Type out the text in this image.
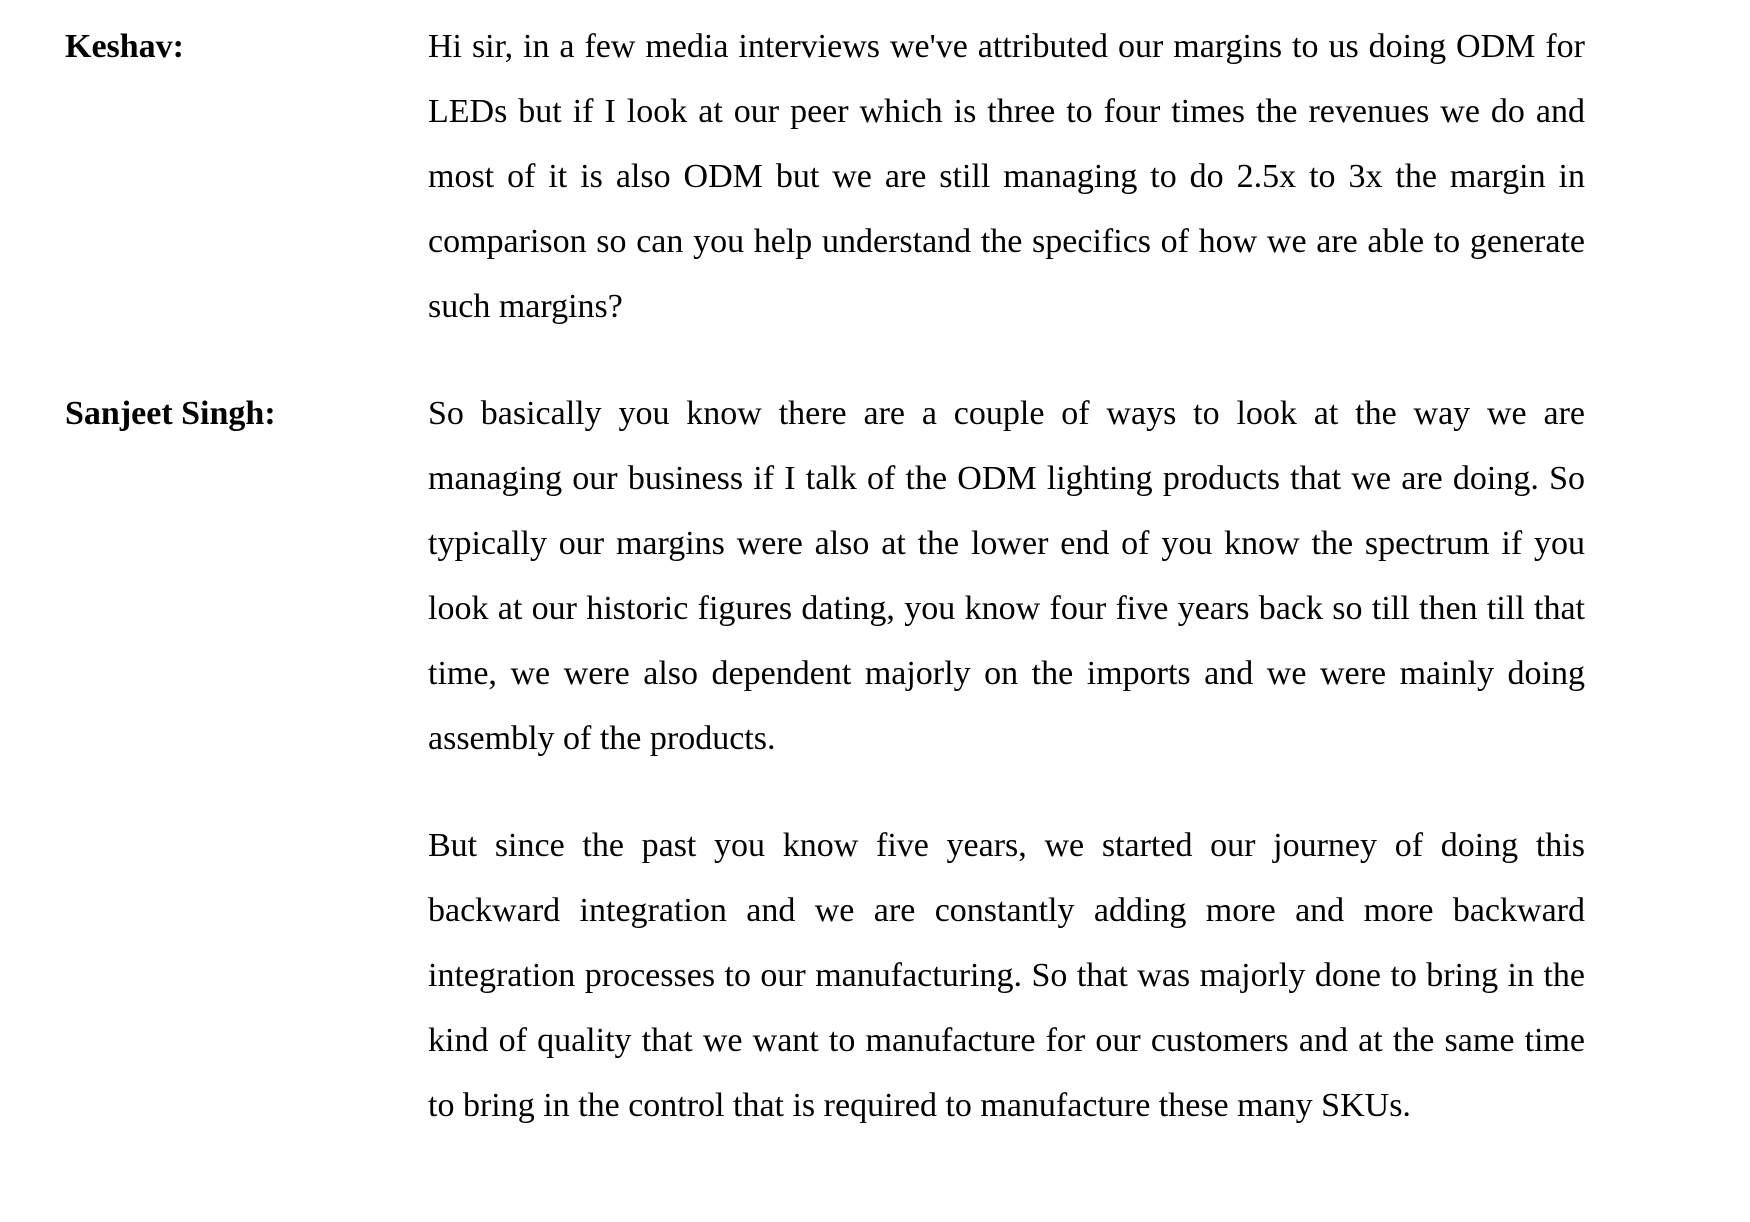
Keshav:	Hi sir, in a few media interviews we've attributed our margins to us doing ODM for LEDs but if I look at our peer which is three to four times the revenues we do and most of it is also ODM but we are still managing to do 2.5x to 3x the margin in comparison so can you help understand the specifics of how we are able to generate such margins?

Sanjeet Singh:	So basically you know there are a couple of ways to look at the way we are managing our business if I talk of the ODM lighting products that we are doing. So typically our margins were also at the lower end of you know the spectrum if you look at our historic figures dating, you know four five years back so till then till that time, we were also dependent majorly on the imports and we were mainly doing assembly of the products.

But since the past you know five years, we started our journey of doing this backward integration and we are constantly adding more and more backward integration processes to our manufacturing. So that was majorly done to bring in the kind of quality that we want to manufacture for our customers and at the same time to bring in the control that is required to manufacture these many SKUs.
